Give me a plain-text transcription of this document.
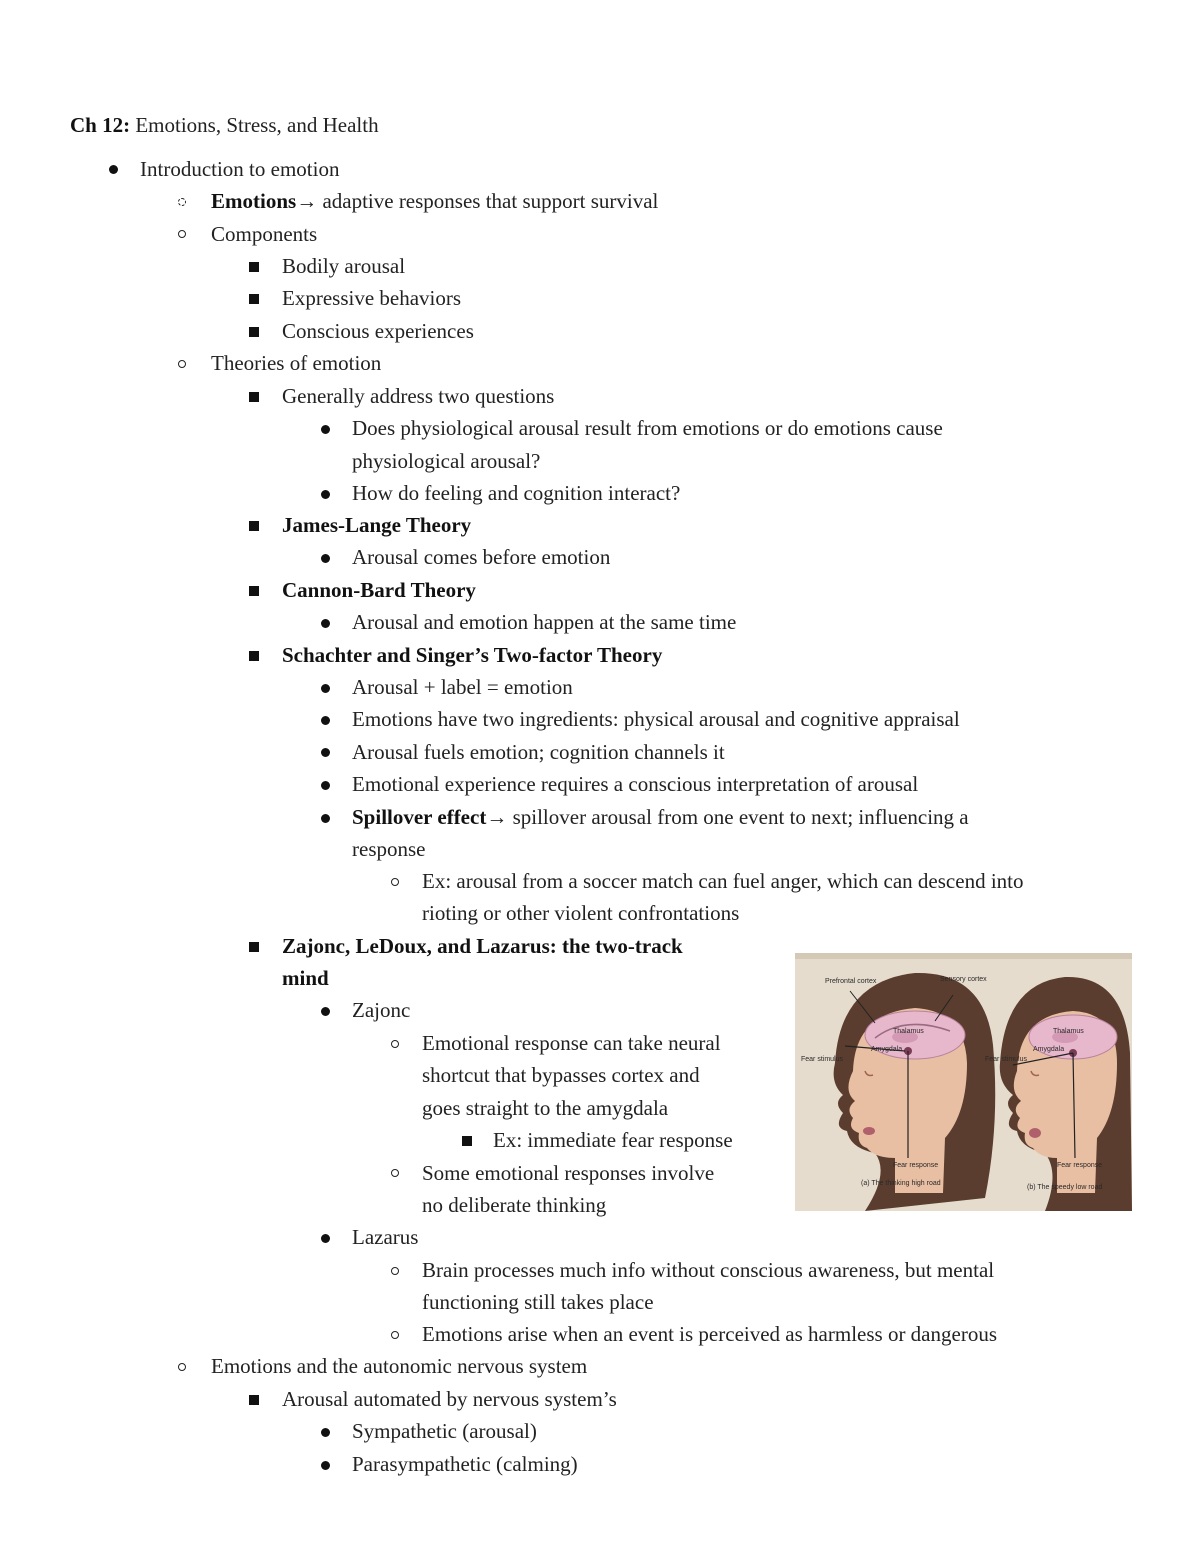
Ch 12: Emotions, Stress, and Health
Introduction to emotion
Emotions→ adaptive responses that support survival
Components
Bodily arousal
Expressive behaviors
Conscious experiences
Theories of emotion
Generally address two questions
Does physiological arousal result from emotions or do emotions cause
physiological arousal?
How do feeling and cognition interact?
James-Lange Theory
Arousal comes before emotion
Cannon-Bard Theory
Arousal and emotion happen at the same time
Schachter and Singer’s Two-factor Theory
Arousal + label = emotion
Emotions have two ingredients: physical arousal and cognitive appraisal
Arousal fuels emotion; cognition channels it
Emotional experience requires a conscious interpretation of arousal
Spillover effect→ spillover arousal from one event to next; influencing a
response
Ex: arousal from a soccer match can fuel anger, which can descend into
rioting or other violent confrontations
Zajonc, LeDoux, and Lazarus: the two-track
mind
Zajonc
Emotional response can take neural
shortcut that bypasses cortex and
goes straight to the amygdala
Ex: immediate fear response
Some emotional responses involve
no deliberate thinking
Lazarus
Brain processes much info without conscious awareness, but mental
functioning still takes place
Emotions arise when an event is perceived as harmless or dangerous
Emotions and the autonomic nervous system
Arousal automated by nervous system’s
Sympathetic (arousal)
Parasympathetic (calming)
Prefrontal cortex	Sensory cortex
Thalamus	Thalamus
Amygdala	Amygdala
Fear stimulus	Fear stimulus
Fear response	Fear response
(a) The thinking high road
(b) The speedy low road
